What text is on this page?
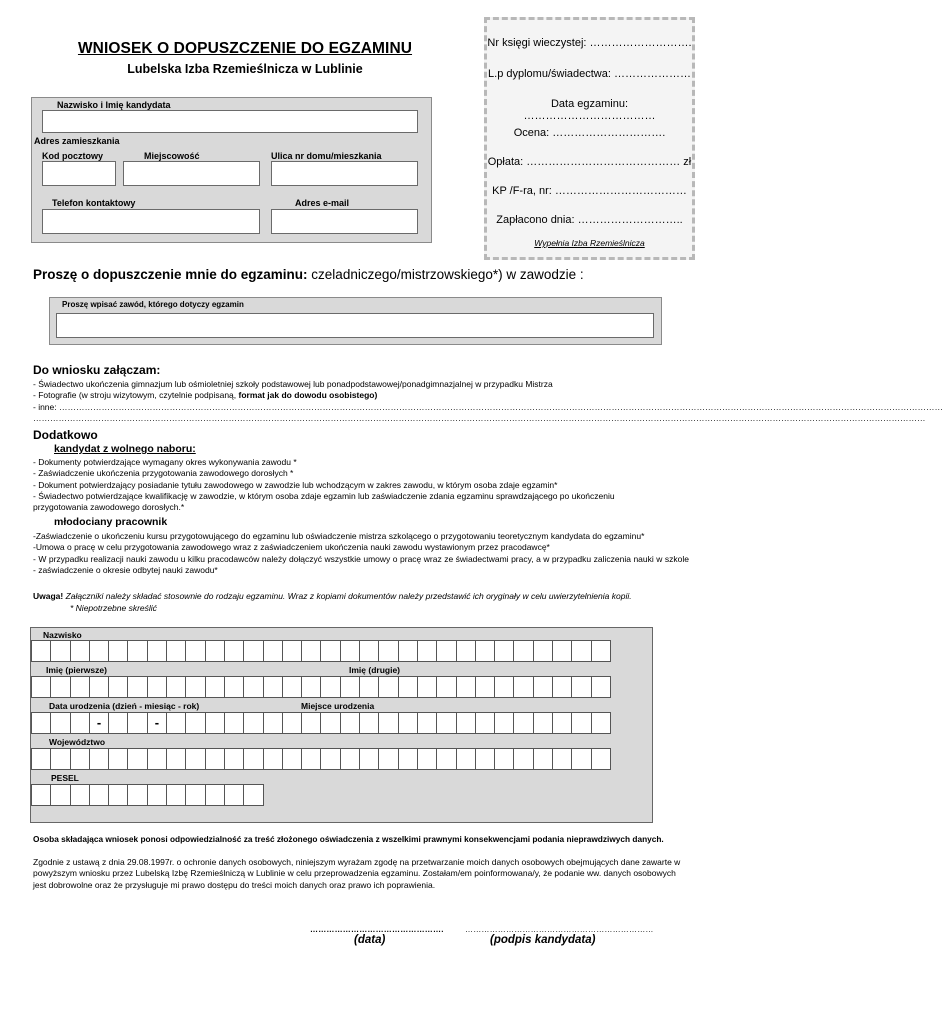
WNIOSEK O DOPUSZCZENIE DO EGZAMINU
Lubelska Izba Rzemieślnicza w Lublinie
Nr księgi wieczystej: ……………………….
L.p dyplomu/świadectwa: …………………
Data egzaminu: ………………………………
Ocena: ………………………….
Opłata: …………………………………… zł
KP /F-ra, nr: ………………………………
Zapłacono dnia: ………………………..
Wypełnia Izba Rzemieślnicza
Nazwisko i Imię kandydata
Adres zamieszkania
Kod pocztowy	Miejscowość	Ulica nr domu/mieszkania
Telefon kontaktowy	Adres e-mail
Proszę o dopuszczenie mnie do egzaminu: czeladniczego/mistrzowskiego*) w zawodzie :
Proszę wpisać zawód, którego dotyczy egzamin
Do wniosku załączam:
- Świadectwo ukończenia gimnazjum lub ośmioletniej szkoły podstawowej lub ponadpodstawowej/ponadgimnazjalnej w przypadku Mistrza
- Fotografie (w stroju wizytowym, czytelnie podpisaną, format jak do dowodu osobistego)
- inne: ……………………………………………………………………………………………………………………………………………………………………………………………………………………………………………………………………………………
………………………………………………………………………………………………………………………………………………………………………………………………………………………………………………………………………………………
Dodatkowo
kandydat z wolnego naboru:
- Dokumenty potwierdzające wymagany okres wykonywania zawodu *
- Zaświadczenie ukończenia przygotowania zawodowego dorosłych *
- Dokument potwierdzający posiadanie tytułu zawodowego w zawodzie lub wchodzącym w zakres zawodu, w którym osoba zdaje egzamin*
- Świadectwo potwierdzające kwalifikację w zawodzie, w którym osoba zdaje egzamin lub zaświadczenie zdania egzaminu sprawdzającego po ukończeniu przygotowania zawodowego dorosłych.*
młodociany pracownik
-Zaświadczenie o ukończeniu kursu przygotowującego do egzaminu lub oświadczenie mistrza szkolącego o przygotowaniu teoretycznym kandydata do egzaminu*
-Umowa o pracę w celu przygotowania zawodowego wraz z zaświadczeniem ukończenia nauki zawodu wystawionym przez pracodawcę*
- W przypadku realizacji nauki zawodu u kilku pracodawców należy dołączyć wszystkie umowy o pracę wraz ze świadectwami pracy, a w przypadku zaliczenia nauki w szkole - zaświadczenie o okresie odbytej nauki zawodu*
Uwaga! Załączniki należy składać stosownie do rodzaju egzaminu. Wraz z kopiami dokumentów należy przedstawić ich oryginały w celu uwierzytelnienia kopii.
* Niepotrzebne skreślić
Nazwisko
Imię (pierwsze)	Imię (drugie)
Data urodzenia (dzień - miesiąc - rok)	Miejsce urodzenia
-	-
Województwo
PESEL
Osoba składająca wniosek ponosi odpowiedzialność za treść złożonego oświadczenia z wszelkimi prawnymi konsekwencjami podania nieprawdziwych danych.
Zgodnie z ustawą z dnia 29.08.1997r. o ochronie danych osobowych, niniejszym wyrażam zgodę na przetwarzanie moich danych osobowych obejmujących dane zawarte w powyższym wniosku przez Lubelską Izbę Rzemieślniczą w Lublinie w celu przeprowadzenia egzaminu. Zostałam/em poinformowana/y, że podanie ww. danych osobowych jest dobrowolne oraz że przysługuje mi prawo dostępu do treści moich danych oraz prawo ich poprawienia.
………………………………………….
(data)
……………………………………………………………
(podpis kandydata)
